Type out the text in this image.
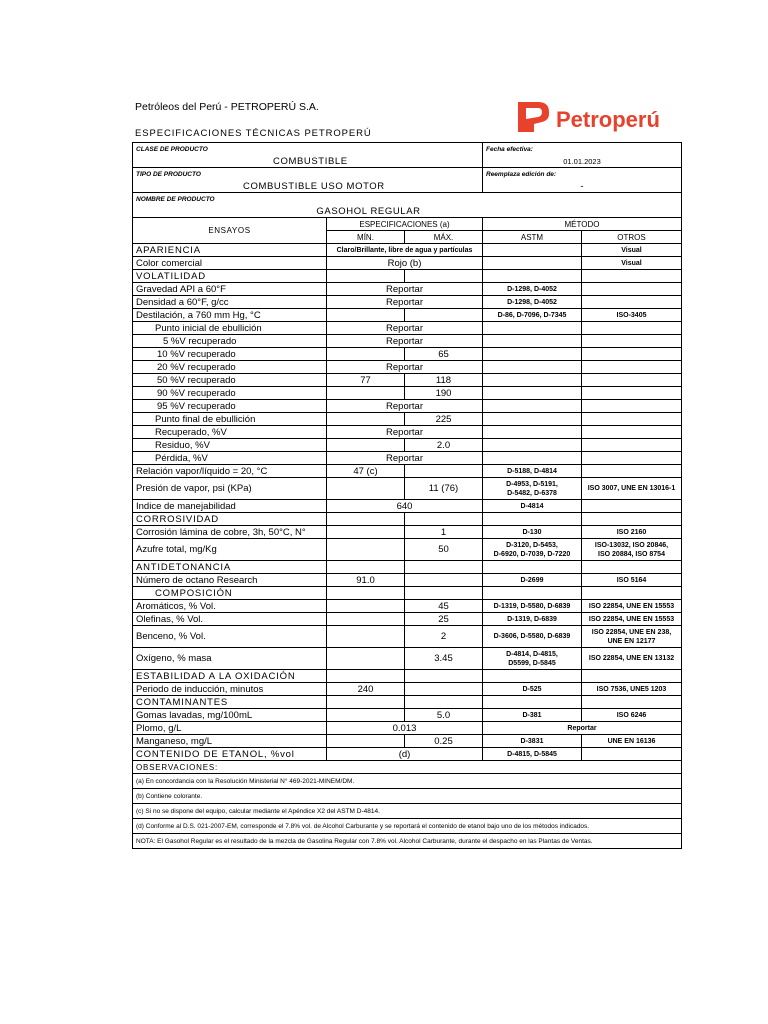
Petróleos del Perú - PETROPERÚ S.A.
ESPECIFICACIONES TÉCNICAS PETROPERÚ
Petroperú
CLASE DE PRODUCTO			Fecha efectiva:	
COMBUSTIBLE			01.01.2023	
TIPO DE PRODUCTO			Reemplaza edición de:	
COMBUSTIBLE USO MOTOR			-	
NOMBRE DE PRODUCTO				
GASOHOL REGULAR				
ENSAYOS	ESPECIFICACIONES (a)		MÉTODO	
	MÍN.	MÁX.	ASTM	OTROS
APARIENCIA	Claro/Brillante, libre de agua y partículas			Visual
Color comercial	Rojo (b)			Visual
VOLATILIDAD				
Gravedad API a 60°F	Reportar		D-1298, D-4052	
Densidad a 60°F, g/cc	Reportar		D-1298, D-4052	
Destilación, a 760 mm Hg, °C			D-86, D-7096, D-7345	ISO-3405
Punto inicial de ebullición	Reportar			
5 %V recuperado	Reportar			
10 %V recuperado		65		
20 %V recuperado	Reportar			
50 %V recuperado	77	118		
90 %V recuperado		190		
95 %V recuperado	Reportar			
Punto final de ebullición		225		
Recuperado, %V	Reportar			
Residuo, %V		2.0		
Pérdida, %V	Reportar			
Relación vapor/líquido = 20, °C	47 (c)		D-5188, D-4814	
Presión de vapor, psi (KPa)		11 (76)	D-4953, D-5191,
D-5482, D-6378	ISO 3007, UNE EN 13016-1
Indice de manejabilidad	640		D-4814	
CORROSIVIDAD				
Corrosión lámina de cobre, 3h, 50°C, N°		1	D-130	ISO 2160
Azufre total, mg/Kg		50	D-3120, D-5453,
D-6920, D-7039, D-7220	ISO-13032, ISO 20846,
ISO 20884, ISO 8754
ANTIDETONANCIA				
Número de octano Research	91.0		D-2699	ISO 5164
COMPOSICIÓN				
Aromáticos, % Vol.		45	D-1319, D-5580, D-6839	ISO 22854, UNE EN 15553
Olefinas, % Vol.		25	D-1319, D-6839	ISO 22854, UNE EN 15553
Benceno, % Vol.		2	D-3606, D-5580, D-6839	ISO 22854, UNE EN 238,
UNE EN 12177
Oxígeno, % masa		3.45	D-4814, D-4815,
D5599, D-5845	ISO 22854, UNE EN 13132
ESTABILIDAD A LA OXIDACIÓN				
Periodo de inducción, minutos	240		D-525	ISO 7536, UNE5 1203
CONTAMINANTES				
Gomas lavadas, mg/100mL		5.0	D-381	ISO 6246
Plomo, g/L	0.013		Reportar	
Manganeso, mg/L		0.25	D-3831	UNE EN 16136
CONTENIDO DE ETANOL, %vol	(d)		D-4815, D-5845	
OBSERVACIONES:				
(a) En concordancia con la Resolución Ministerial N° 469-2021-MINEM/DM.				
(b) Contiene colorante.				
(c) Si no se dispone del equipo, calcular mediante el Apéndice X2 del ASTM D-4814.				
(d) Conforme al D.S. 021-2007-EM, corresponde el 7.8% vol. de Alcohol Carburante y se reportará el contenido de etanol bajo uno de los métodos indicados.				
NOTA: El Gasohol Regular es el resultado de la mezcla de Gasolina Regular con 7.8% vol. Alcohol Carburante, durante el despacho en las Plantas de Ventas.				
